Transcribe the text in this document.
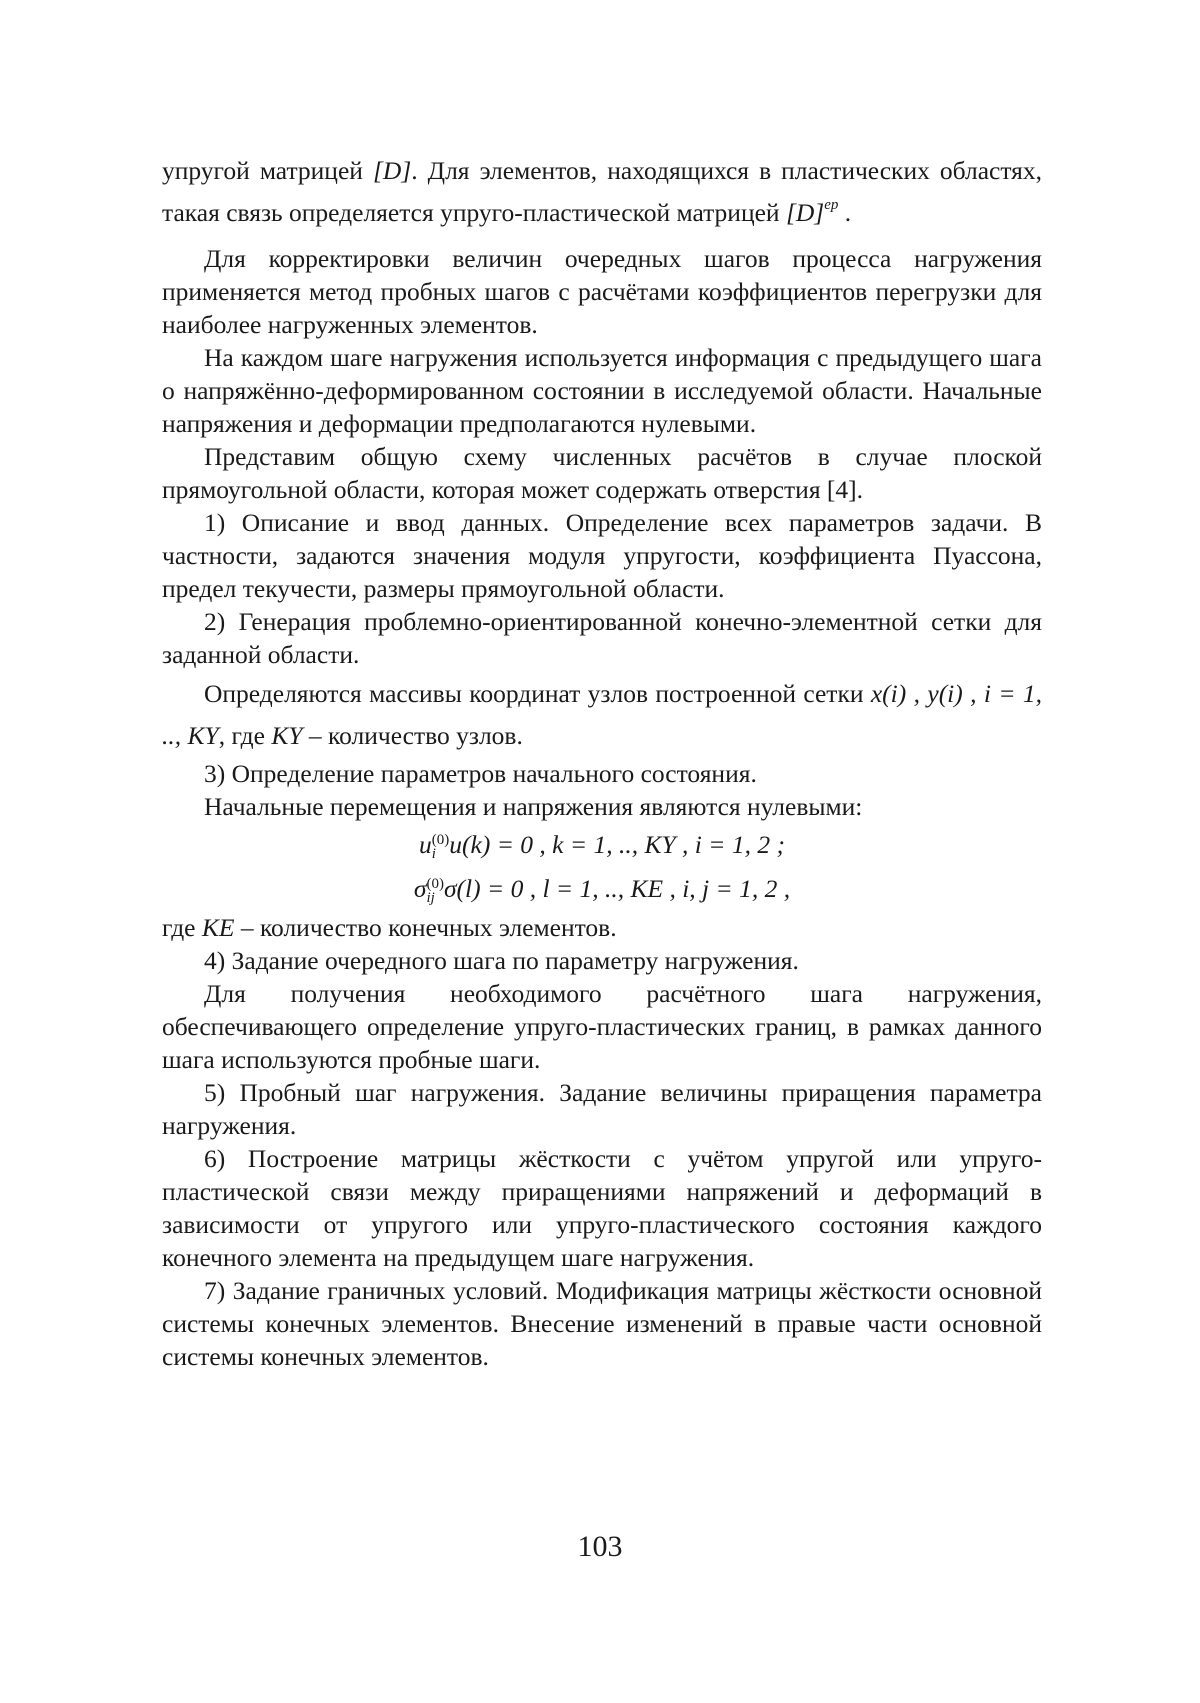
упругой матрицей [D]. Для элементов, находящихся в пластических областях, такая связь определяется упруго-пластической матрицей $[D]^{ep}$ .

Для корректировки величин очередных шагов процесса нагружения применяется метод пробных шагов с расчётами коэффициентов перегрузки для наиболее нагруженных элементов.

На каждом шаге нагружения используется информация с предыдущего шага о напряжённо-деформированном состоянии в исследуемой области. Начальные напряжения и деформации предполагаются нулевыми.

Представим общую схему численных расчётов в случае плоской прямоугольной области, которая может содержать отверстия [4].

1) Описание и ввод данных. Определение всех параметров задачи. В частности, задаются значения модуля упругости, коэффициента Пуассона, предел текучести, размеры прямоугольной области.

2) Генерация проблемно-ориентированной конечно-элементной сетки для заданной области.

Определяются массивы координат узлов построенной сетки x(i) , y(i) , i = 1, .., KY, где KY – количество узлов.

3) Определение параметров начального состояния.

Начальные перемещения и напряжения являются нулевыми:

u (0)
i u(k) = 0 , k = 1, .., KY , i = 1, 2 ;

σ (0)
ij σ(l) = 0 , l = 1, .., KE , i, j = 1, 2 ,

где KE – количество конечных элементов.

4) Задание очередного шага по параметру нагружения.

Для получения необходимого расчётного шага нагружения, обеспечивающего определение упруго-пластических границ, в рамках данного шага используются пробные шаги.

5) Пробный шаг нагружения. Задание величины приращения параметра нагружения.

6) Построение матрицы жёсткости с учётом упругой или упруго-пластической связи между приращениями напряжений и деформаций в зависимости от упругого или упруго-пластического состояния каждого конечного элемента на предыдущем шаге нагружения.

7) Задание граничных условий. Модификация матрицы жёсткости основной системы конечных элементов. Внесение изменений в правые части основной системы конечных элементов.

103
